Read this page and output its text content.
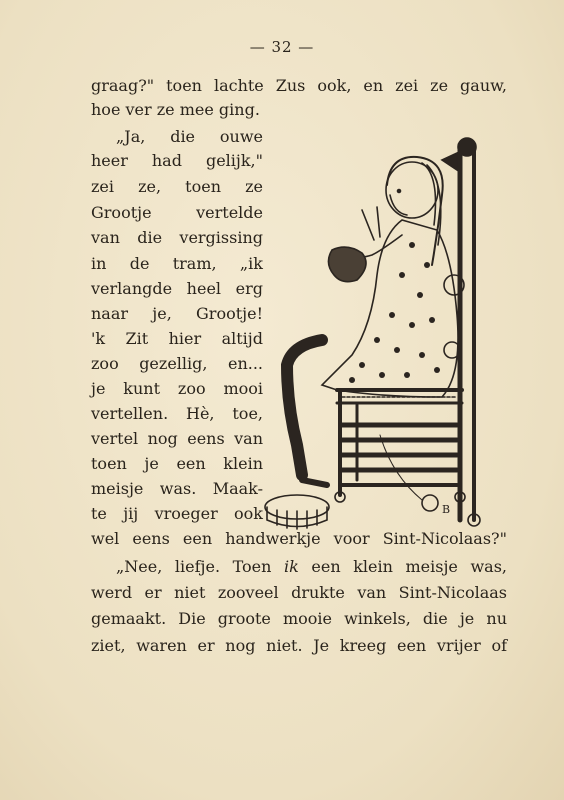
— 32 —
graag?" toen lachte Zus ook, en zei ze gauw,
hoe ver ze mee ging.
„Ja, die ouwe
heer had gelijk,"
zei ze, toen ze
Grootje vertelde
van die vergissing
in de tram, „ik
verlangde heel erg
naar je, Grootje!
'k Zit hier altijd
zoo gezellig, en...
je kunt zoo mooi
vertellen. Hè, toe,
vertel nog eens van
toen je een klein
meisje was. Maak-
te jij vroeger ook
wel eens een handwerkje voor Sint-Nicolaas?"
„Nee, liefje. Toen ik een klein meisje was,
werd er niet zooveel drukte van Sint-Nicolaas
gemaakt. Die groote mooie winkels, die je nu
ziet, waren er nog niet. Je kreeg een vrijer of
B
